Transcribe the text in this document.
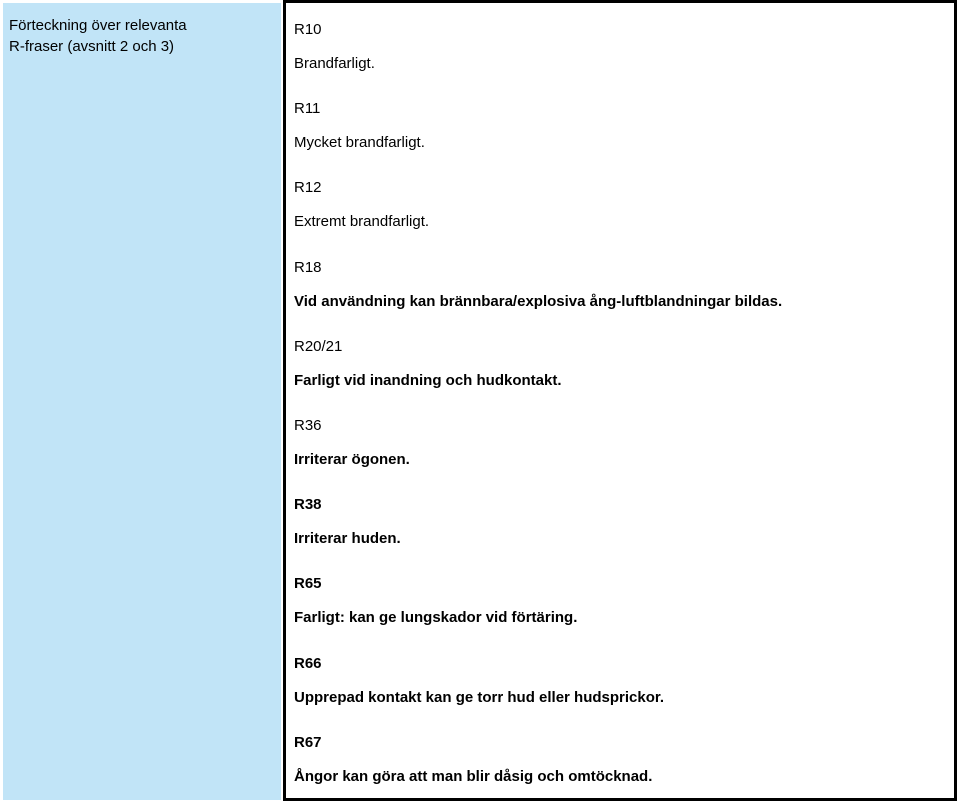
Förteckning över relevanta
R-fraser (avsnitt 2 och 3)
R10
Brandfarligt.
R11
Mycket brandfarligt.
R12
Extremt brandfarligt.
R18
Vid användning kan brännbara/explosiva ång-luftblandningar bildas.
R20/21
Farligt vid inandning och hudkontakt.
R36
Irriterar ögonen.
R38
Irriterar huden.
R65
Farligt: kan ge lungskador vid förtäring.
R66
Upprepad kontakt kan ge torr hud eller hudsprickor.
R67
Ångor kan göra att man blir dåsig och omtöcknad.
